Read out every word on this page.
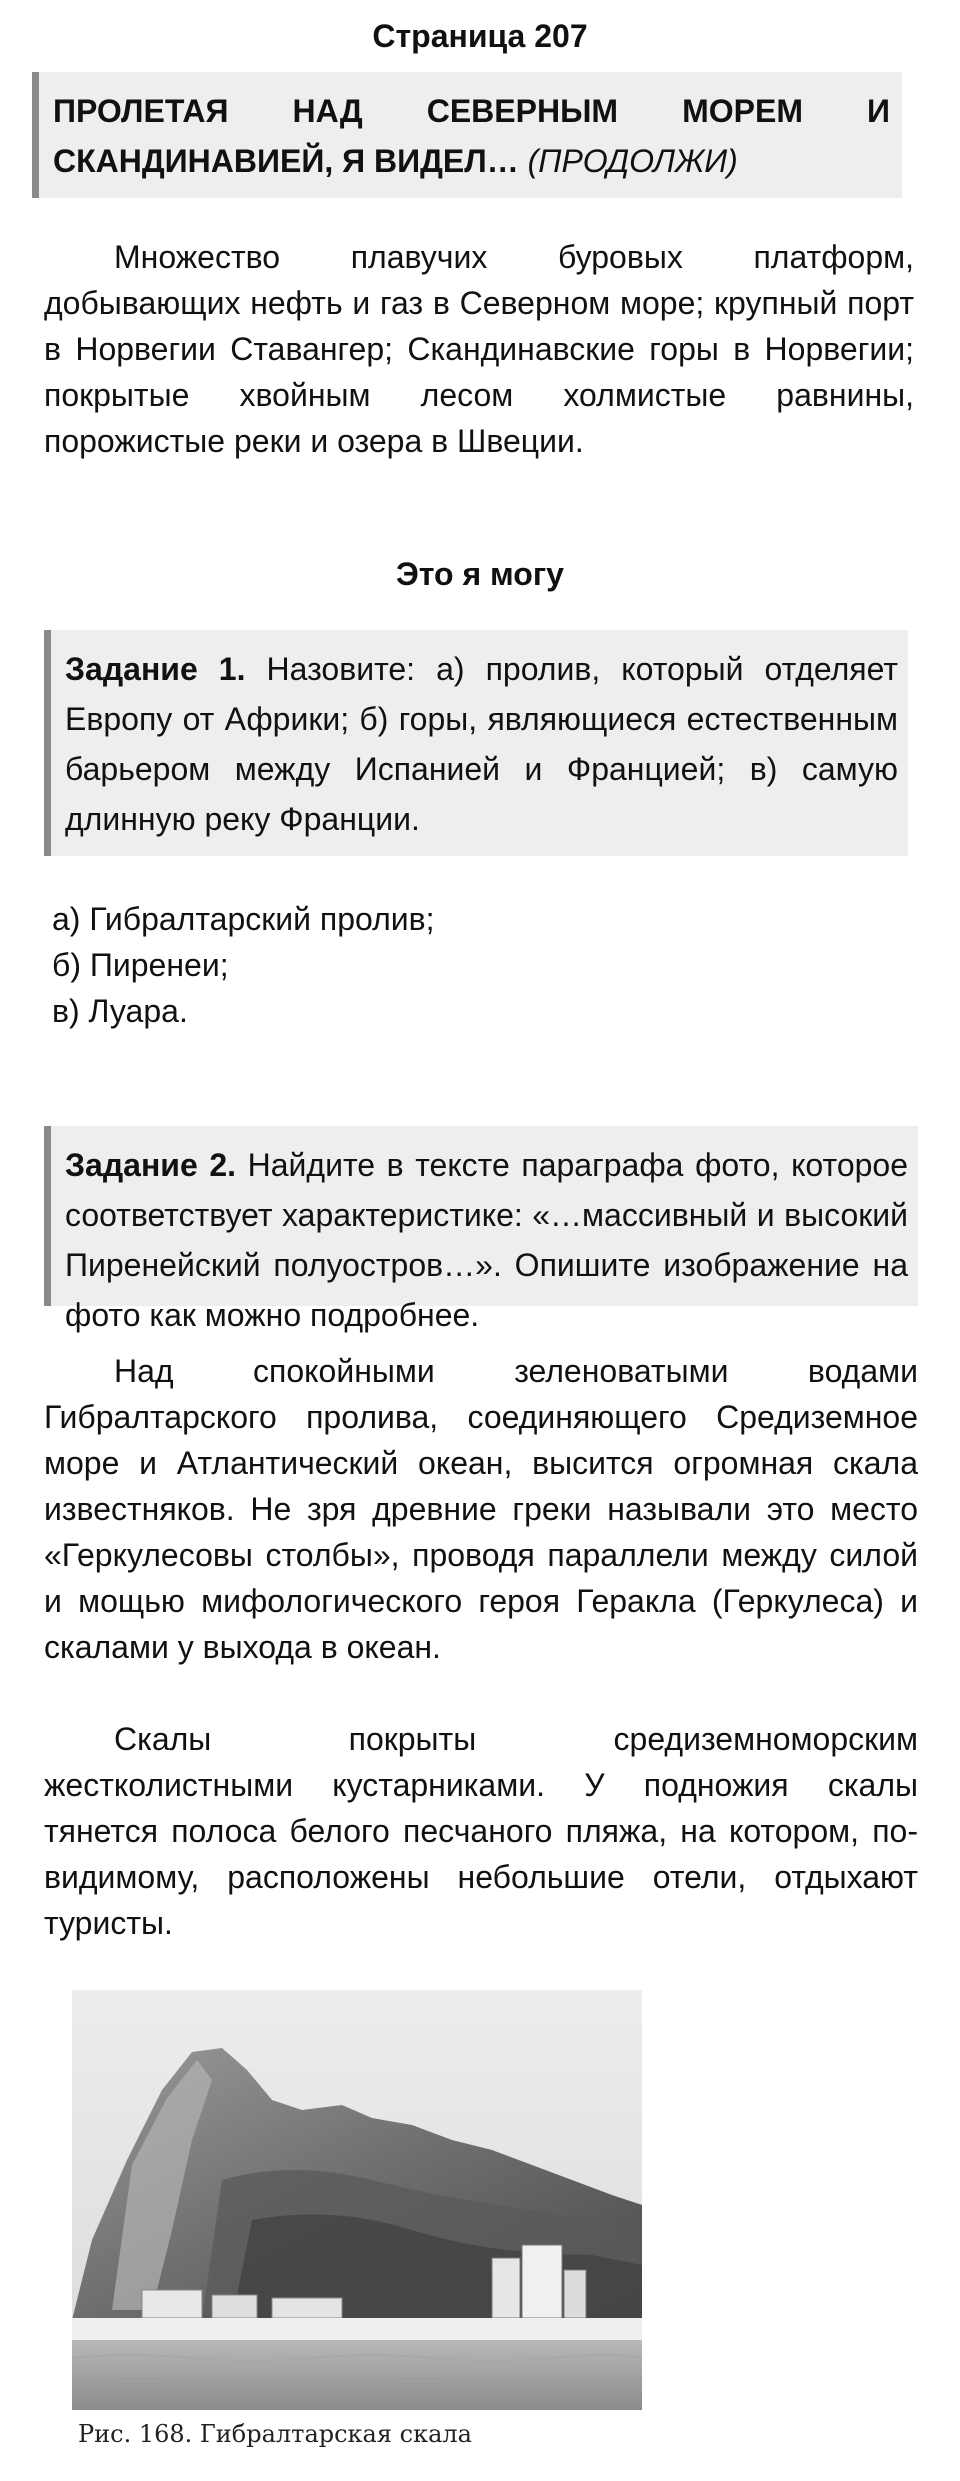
Страница 207
ПРОЛЕТАЯ НАД СЕВЕРНЫМ МОРЕМ И СКАНДИНАВИЕЙ, Я ВИДЕЛ… (ПРОДОЛЖИ)

Множество плавучих буровых платформ, добывающих нефть и газ в Северном море; крупный порт в Норвегии Ставангер; Скандинавские горы в Норвегии; покрытые хвойным лесом холмистые равнины, порожистые реки и озера в Швеции.

Это я могу
Задание 1. Назовите: а) пролив, который отделяет Европу от Африки; б) горы, являющиеся естественным барьером между Испанией и Францией; в) самую длинную реку Франции.
а) Гибралтарский пролив;
б) Пиренеи;
в) Луара.
Задание 2. Найдите в тексте параграфа фото, которое соответствует характеристике: «…массивный и высокий Пиренейский полуостров…». Опишите изображение на фото как можно подробнее.

Над спокойными зеленоватыми водами Гибралтарского пролива, соединяющего Средиземное море и Атлантический океан, высится огромная скала известняков. Не зря древние греки называли это место «Геркулесовы столбы», проводя параллели между силой и мощью мифологического героя Геракла (Геркулеса) и скалами у выхода в океан.

Скалы покрыты средиземноморским жестколистными кустарниками. У подножия скалы тянется полоса белого песчаного пляжа, на котором, по-видимому, расположены небольшие отели, отдыхают туристы.

Рис. 168. Гибралтарская скала
